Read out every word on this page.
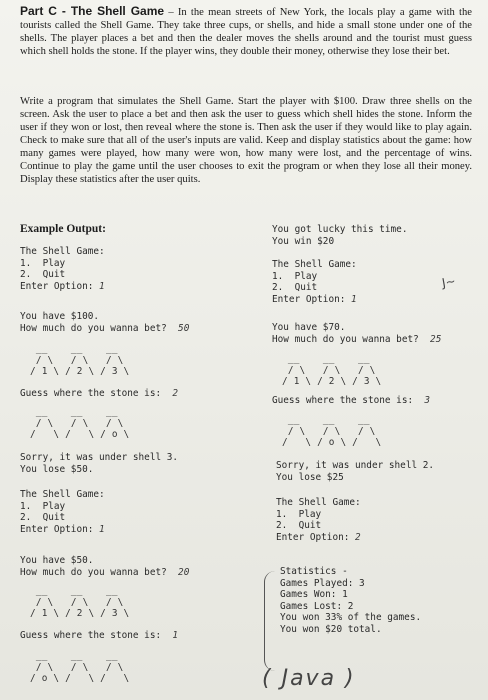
Part C - The Shell Game – In the mean streets of New York, the locals play a game with the tourists called the Shell Game. They take three cups, or shells, and hide a small stone under one of the shells. The player places a bet and then the dealer moves the shells around and the tourist must guess which shell holds the stone. If the player wins, they double their money, otherwise they lose their bet.

Write a program that simulates the Shell Game. Start the player with $100. Draw three shells on the screen. Ask the user to place a bet and then ask the user to guess which shell hides the stone. Inform the user if they won or lost, then reveal where the stone is. Then ask the user if they would like to play again. Check to make sure that all of the user's inputs are valid. Keep and display statistics about the game: how many games were played, how many were won, how many were lost, and the percentage of wins. Continue to play the game until the user chooses to exit the program or when they lose all their money. Display these statistics after the user quits.

Example Output:
The Shell Game:
1.  Play
2.  Quit
Enter Option: 1
You have $100.
How much do you wanna bet?  50
__    __    __
/ \   / \   / \
/ 1 \ / 2 \ / 3 \
Guess where the stone is:  2
__    __    __
/ \   / \   / \
/   \ /   \ / o \
Sorry, it was under shell 3.
You lose $50.
The Shell Game:
1.  Play
2.  Quit
Enter Option: 1
You have $50.
How much do you wanna bet?  20
__    __    __
/ \   / \   / \
/ 1 \ / 2 \ / 3 \
Guess where the stone is:  1
__    __    __
/ \   / \   / \
/ o \ /   \ /   \
You got lucky this time.
You win $20
The Shell Game:
1.  Play
2.  Quit
Enter Option: 1
You have $70.
How much do you wanna bet?  25
__    __    __
/ \   / \   / \
/ 1 \ / 2 \ / 3 \
Guess where the stone is:  3
__    __    __
/ \   / \   / \
/   \ / o \ /   \
Sorry, it was under shell 2.
You lose $25
The Shell Game:
1.  Play
2.  Quit
Enter Option: 2
Statistics -
Games Played: 3
Games Won: 1
Games Lost: 2
You won 33% of the games.
You won $20 total.
J~
( Java )
